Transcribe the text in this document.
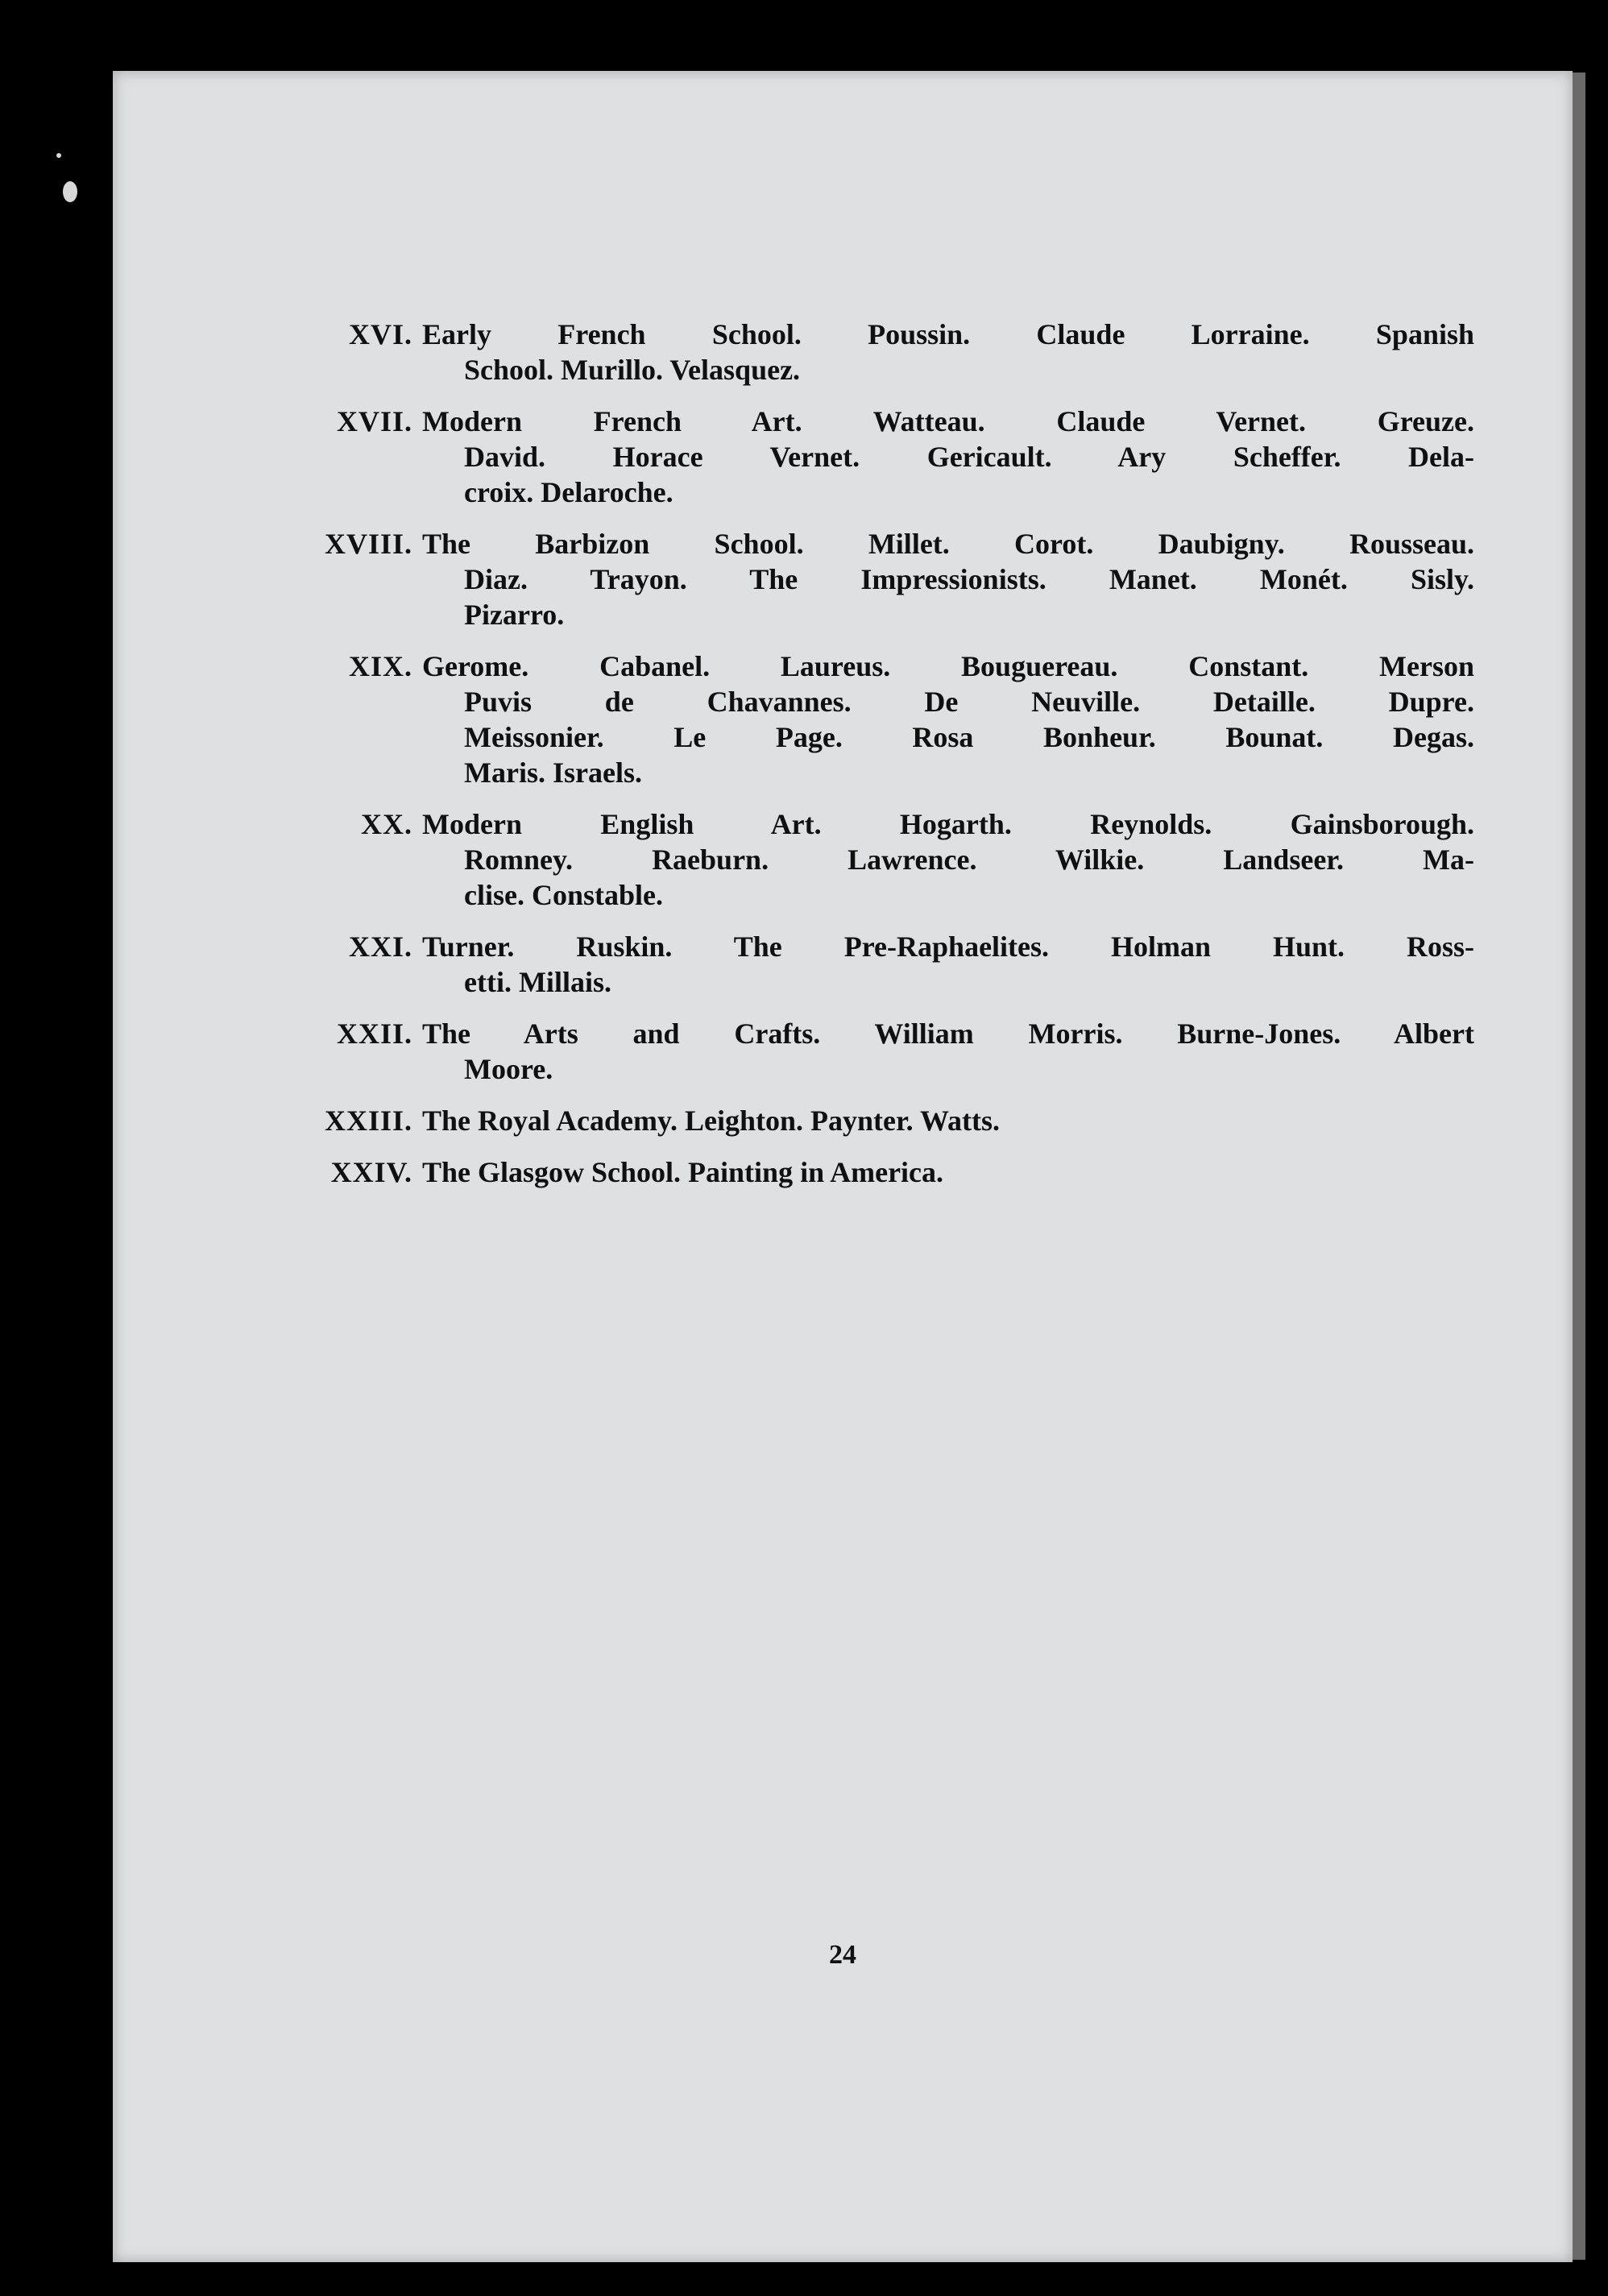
XVI. Early French School. Poussin. Claude Lorraine. Spanish
School. Murillo. Velasquez.
XVII. Modern French Art. Watteau. Claude Vernet. Greuze.
David. Horace Vernet. Gericault. Ary Scheffer. Dela-
croix. Delaroche.
XVIII. The Barbizon School. Millet. Corot. Daubigny. Rousseau.
Diaz. Trayon. The Impressionists. Manet. Monét. Sisly.
Pizarro.
XIX. Gerome. Cabanel. Laureus. Bouguereau. Constant. Merson
Puvis de Chavannes. De Neuville. Detaille. Dupre.
Meissonier. Le Page. Rosa Bonheur. Bounat. Degas.
Maris. Israels.
XX. Modern English Art. Hogarth. Reynolds. Gainsborough.
Romney. Raeburn. Lawrence. Wilkie. Landseer. Ma-
clise. Constable.
XXI. Turner. Ruskin. The Pre-Raphaelites. Holman Hunt. Ross-
etti. Millais.
XXII. The Arts and Crafts. William Morris. Burne-Jones. Albert
Moore.
XXIII. The Royal Academy. Leighton. Paynter. Watts.
XXIV. The Glasgow School. Painting in America.
24
